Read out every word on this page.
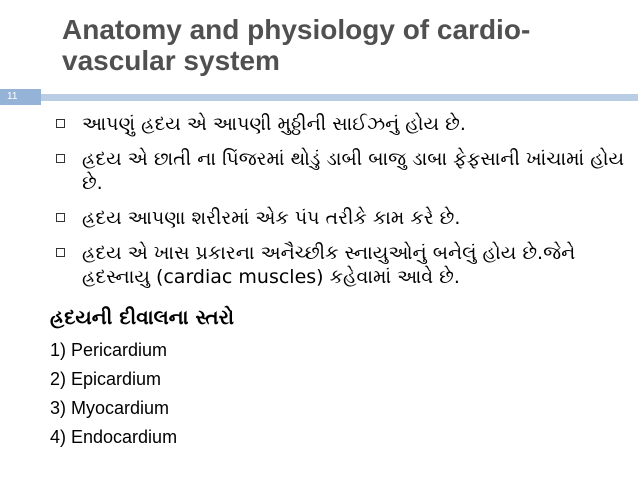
Anatomy and physiology of cardio-vascular system
11
આપણું હ્રદય એ આપણી મુઠ્ઠીની સાઈઝનું હોય છે.
હ્રદય એ છાતી ના પિંજરમાં થોડું ડાબી બાજુ ડાબા ફેફસાની ખાંચામાં હોય છે.
હ્રદય આપણા શરીરમાં એક પંપ તરીકે કામ કરે છે.
હ્રદય એ ખાસ પ્રકારના અનૈચ્છીક સ્નાયુઓનું બનેલું હોય છે.જેને હ્રદસ્નાયુ (cardiac muscles) કહેવામાં આવે છે.
હ્રદયની દીવાલના સ્તરો
1) Pericardium
2) Epicardium
3) Myocardium
4) Endocardium
